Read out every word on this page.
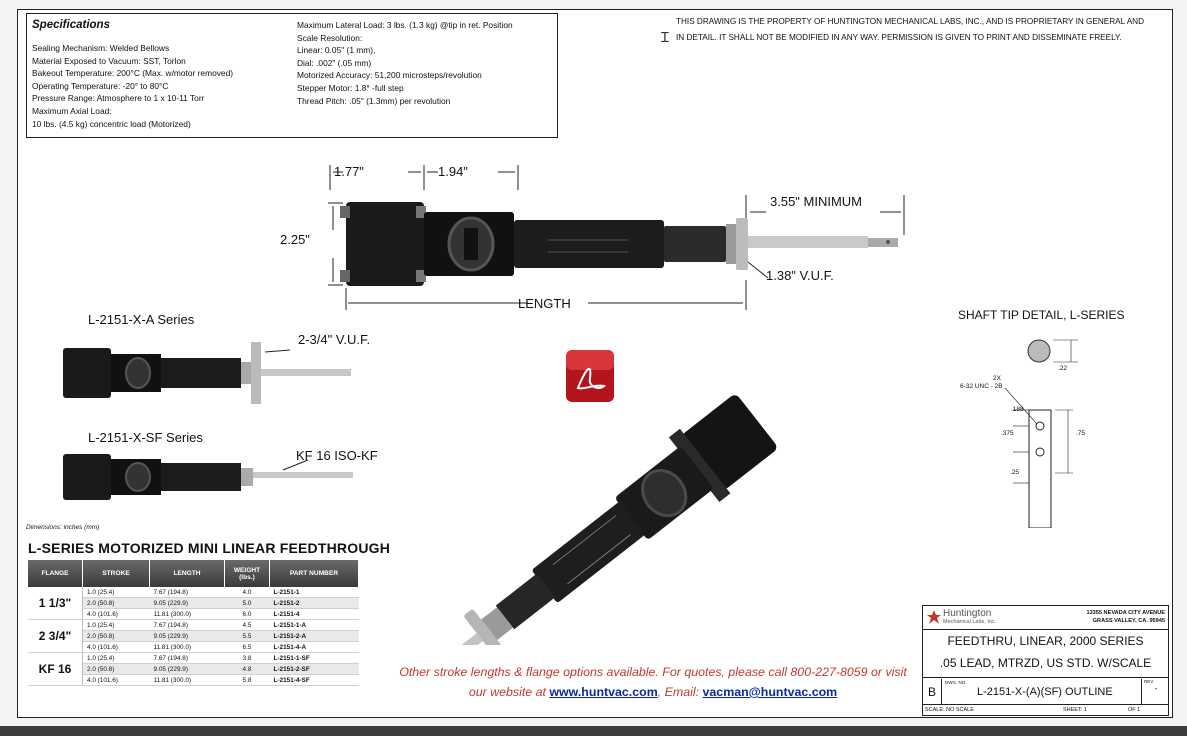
Specifications
Sealing Mechanism: Welded Bellows
Material Exposed to Vacuum: SST, Torlon
Bakeout Temperature: 200°C (Max. w/motor removed)
Operating Temperature: -20° to 80°C
Pressure Range: Atmosphere to 1 x 10-11 Torr
Maximum Axial Load:
10 lbs. (4.5 kg) concentric load (Motorized)
Maximum Lateral Load: 3 lbs. (1.3 kg) @tip in ret. Position
Scale Resolution:
Linear: 0.05" (1 mm),
Dial: .002" (.05 mm)
Motorized Accuracy: 51,200 microsteps/revolution
Stepper Motor: 1.8° -full step
Thread Pitch: .05" (1.3mm) per revolution
THIS DRAWING IS THE PROPERTY OF HUNTINGTON MECHANICAL LABS, INC., AND IS PROPRIETARY IN GENERAL AND
IN DETAIL. IT SHALL NOT BE MODIFIED IN ANY WAY. PERMISSION IS GIVEN TO PRINT AND DISSEMINATE FREELY.
Ɪ
1.77"	1.94"
2.25"
3.55" MINIMUM
1.38" V.U.F.
LENGTH
L-2151-X-A Series
2-3/4" V.U.F.
L-2151-X-SF Series
KF 16 ISO-KF
Dimensions: inches (mm)
L-SERIES MOTORIZED MINI LINEAR FEEDTHROUGH
FLANGE	STROKE	LENGTH	WEIGHT (lbs.)	PART NUMBER
1 1/3"	1.0 (25.4)	7.67 (194.8)	4.0	L-2151-1
	2.0 (50.8)	9.05 (229.9)	5.0	L-2151-2
	4.0 (101.6)	11.81 (300.0)	6.0	L-2151-4
2 3/4"	1.0 (25.4)	7.67 (194.8)	4.5	L-2151-1-A
	2.0 (50.8)	9.05 (229.9)	5.5	L-2151-2-A
	4.0 (101.6)	11.81 (300.0)	6.5	L-2151-4-A
KF 16	1.0 (25.4)	7.67 (194.8)	3.8	L-2151-1-SF
	2.0 (50.8)	9.05 (229.9)	4.8	L-2151-2-SF
	4.0 (101.6)	11.81 (300.0)	5.8	L-2151-4-SF
SHAFT TIP DETAIL, L-SERIES
.22
2X
6-32 UNC - 2B
.188
.375	.75
.25
Other stroke lengths & flange options available. For quotes, please call 800-227-8059 or visit
our website at www.huntvac.com, Email: vacman@huntvac.com
Huntington
Mechanical Labs, Inc.
13355 NEVADA CITY AVENUE
GRASS VALLEY, CA. 95945
FEEDTHRU, LINEAR, 2000 SERIES
.05 LEAD, MTRZD, US STD. W/SCALE
B
DWG. NO.
L-2151-X-(A)(SF) OUTLINE
REV.
-
SCALE: NO SCALE	SHEET: 1	OF 1
